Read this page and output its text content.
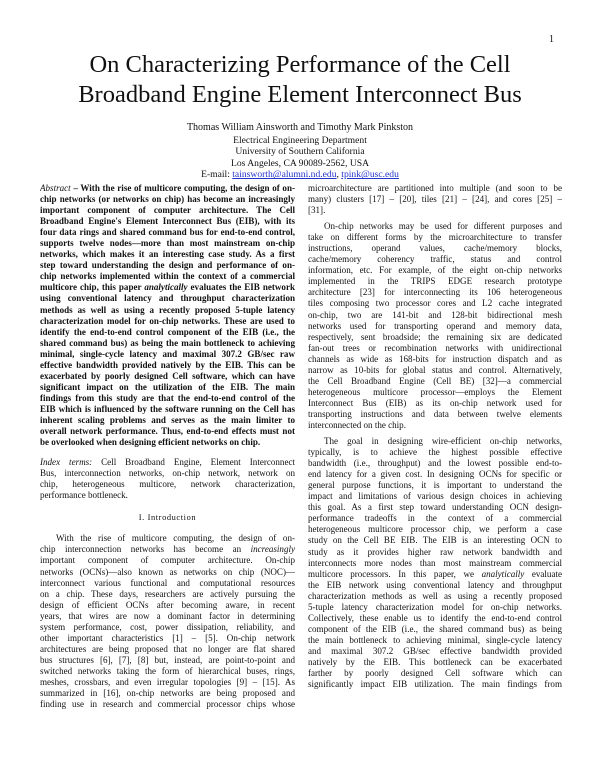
1
On Characterizing Performance of the Cell
Broadband Engine Element Interconnect Bus
Thomas William Ainsworth and Timothy Mark Pinkston
Electrical Engineering Department
University of Southern California
Los Angeles, CA 90089-2562, USA
E-mail: tainsworth@alumni.nd.edu, tpink@usc.edu
Abstract – With the rise of multicore computing, the design of on-
chip networks (or networks on chip) has become an increasingly
important component of computer architecture. The Cell
Broadband Engine's Element Interconnect Bus (EIB), with its
four data rings and shared command bus for end-to-end control,
supports twelve nodes—more than most mainstream on-chip
networks, which makes it an interesting case study. As a first
step toward understanding the design and performance of on-
chip networks implemented within the context of a commercial
multicore chip, this paper analytically evaluates the EIB network
using conventional latency and throughput characterization
methods as well as using a recently proposed 5-tuple latency
characterization model for on-chip networks. These are used to
identify the end-to-end control component of the EIB (i.e., the
shared command bus) as being the main bottleneck to achieving
minimal, single-cycle latency and maximal 307.2 GB/sec raw
effective bandwidth provided natively by the EIB. This can be
exacerbated by poorly designed Cell software, which can have
significant impact on the utilization of the EIB. The main
findings from this study are that the end-to-end control of the
EIB which is influenced by the software running on the Cell has
inherent scaling problems and serves as the main limiter to
overall network performance. Thus, end-to-end effects must not
be overlooked when designing efficient networks on chip.
Index terms: Cell Broadband Engine, Element Interconnect
Bus, interconnection networks, on-chip network, network on
chip, heterogeneous multicore, network characterization,
performance bottleneck.
I. Introduction
With the rise of multicore computing, the design of on-
chip interconnection networks has become an increasingly
important component of computer architecture. On-chip
networks (OCNs)—also known as networks on chip (NOC)—
interconnect various functional and computational resources
on a chip. These days, researchers are actively pursuing the
design of efficient OCNs after becoming aware, in recent
years, that wires are now a dominant factor in determining
system performance, cost, power dissipation, reliability, and
other important characteristics [1] – [5]. On-chip network
architectures are being proposed that no longer are flat shared
bus structures [6], [7], [8] but, instead, are point-to-point and
switched networks taking the form of hierarchical buses, rings,
meshes, crossbars, and even irregular topologies [9] – [15]. As
summarized in [16], on-chip networks are being proposed and
finding use in research and commercial processor chips whose
microarchitecture are partitioned into multiple (and soon to be
many) clusters [17] – [20], tiles [21] – [24], and cores [25] –
[31].
On-chip networks may be used for different purposes and
take on different forms by the microarchitecture to transfer
instructions, operand values, cache/memory blocks,
cache/memory coherency traffic, status and control
information, etc. For example, of the eight on-chip networks
implemented in the TRIPS EDGE research prototype
architecture [23] for interconnecting its 106 heterogeneous
tiles composing two processor cores and L2 cache integrated
on-chip, two are 141-bit and 128-bit bidirectional mesh
networks used for transporting operand and memory data,
respectively, sent broadside; the remaining six are dedicated
fan-out trees or recombination networks with unidirectional
channels as wide as 168-bits for instruction dispatch and as
narrow as 10-bits for global status and control. Alternatively,
the Cell Broadband Engine (Cell BE) [32]—a commercial
heterogeneous multicore processor—employs the Element
Interconnect Bus (EIB) as its on-chip network used for
transporting instructions and data between twelve elements
interconnected on the chip.
The goal in designing wire-efficient on-chip networks,
typically, is to achieve the highest possible effective
bandwidth (i.e., throughput) and the lowest possible end-to-
end latency for a given cost. In designing OCNs for specific or
general purpose functions, it is important to understand the
impact and limitations of various design choices in achieving
this goal. As a first step toward understanding OCN design-
performance tradeoffs in the context of a commercial
heterogeneous multicore processor chip, we perform a case
study on the Cell BE EIB. The EIB is an interesting OCN to
study as it provides higher raw network bandwidth and
interconnects more nodes than most mainstream commercial
multicore processors. In this paper, we analytically evaluate
the EIB network using conventional latency and throughput
characterization methods as well as using a recently proposed
5-tuple latency characterization model for on-chip networks.
Collectively, these enable us to identify the end-to-end control
component of the EIB (i.e., the shared command bus) as being
the main bottleneck to achieving minimal, single-cycle latency
and maximal 307.2 GB/sec effective bandwidth provided
natively by the EIB. This bottleneck can be exacerbated
farther by poorly designed Cell software which can
significantly impact EIB utilization. The main findings from
